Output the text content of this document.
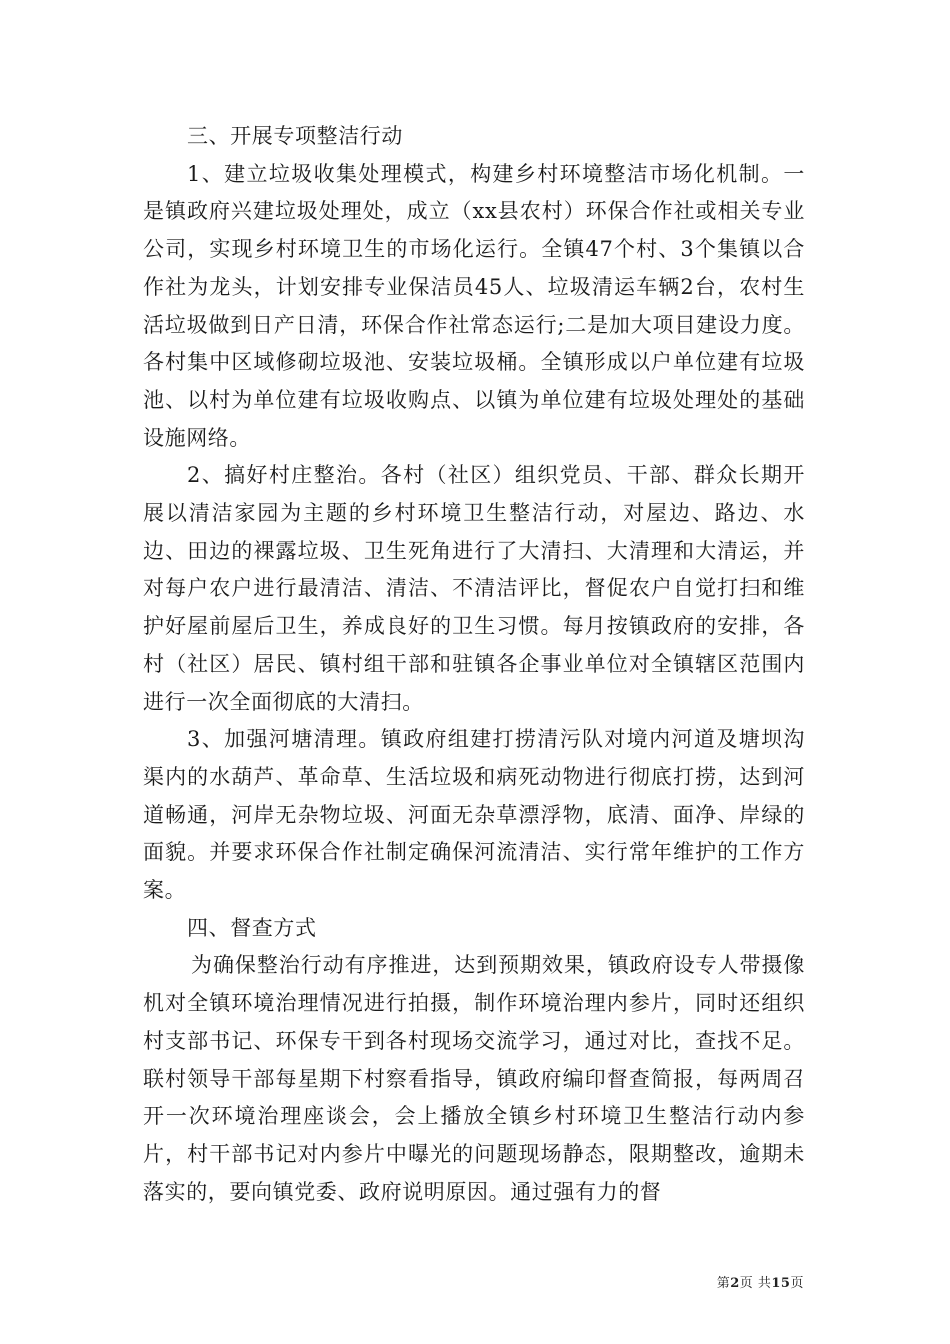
三、开展专项整洁行动

1、建立垃圾收集处理模式，构建乡村环境整洁市场化机制。一是镇政府兴建垃圾处理处，成立（xx县农村）环保合作社或相关专业公司，实现乡村环境卫生的市场化运行。全镇47个村、3个集镇以合作社为龙头，计划安排专业保洁员45人、垃圾清运车辆2台，农村生活垃圾做到日产日清，环保合作社常态运行;二是加大项目建设力度。各村集中区域修砌垃圾池、安装垃圾桶。全镇形成以户单位建有垃圾池、以村为单位建有垃圾收购点、以镇为单位建有垃圾处理处的基础设施网络。

2、搞好村庄整治。各村（社区）组织党员、干部、群众长期开展以清洁家园为主题的乡村环境卫生整洁行动，对屋边、路边、水边、田边的裸露垃圾、卫生死角进行了大清扫、大清理和大清运，并对每户农户进行最清洁、清洁、不清洁评比，督促农户自觉打扫和维护好屋前屋后卫生，养成良好的卫生习惯。每月按镇政府的安排，各村（社区）居民、镇村组干部和驻镇各企事业单位对全镇辖区范围内进行一次全面彻底的大清扫。

3、加强河塘清理。镇政府组建打捞清污队对境内河道及塘坝沟渠内的水葫芦、革命草、生活垃圾和病死动物进行彻底打捞，达到河道畅通，河岸无杂物垃圾、河面无杂草漂浮物，底清、面净、岸绿的面貌。并要求环保合作社制定确保河流清洁、实行常年维护的工作方案。

四、督查方式

为确保整治行动有序推进，达到预期效果，镇政府设专人带摄像机对全镇环境治理情况进行拍摄，制作环境治理内参片，同时还组织村支部书记、环保专干到各村现场交流学习，通过对比，查找不足。联村领导干部每星期下村察看指导，镇政府编印督查简报，每两周召开一次环境治理座谈会，会上播放全镇乡村环境卫生整洁行动内参片，村干部书记对内参片中曝光的问题现场静态，限期整改，逾期未落实的，要向镇党委、政府说明原因。通过强有力的督

第2页 共15页
